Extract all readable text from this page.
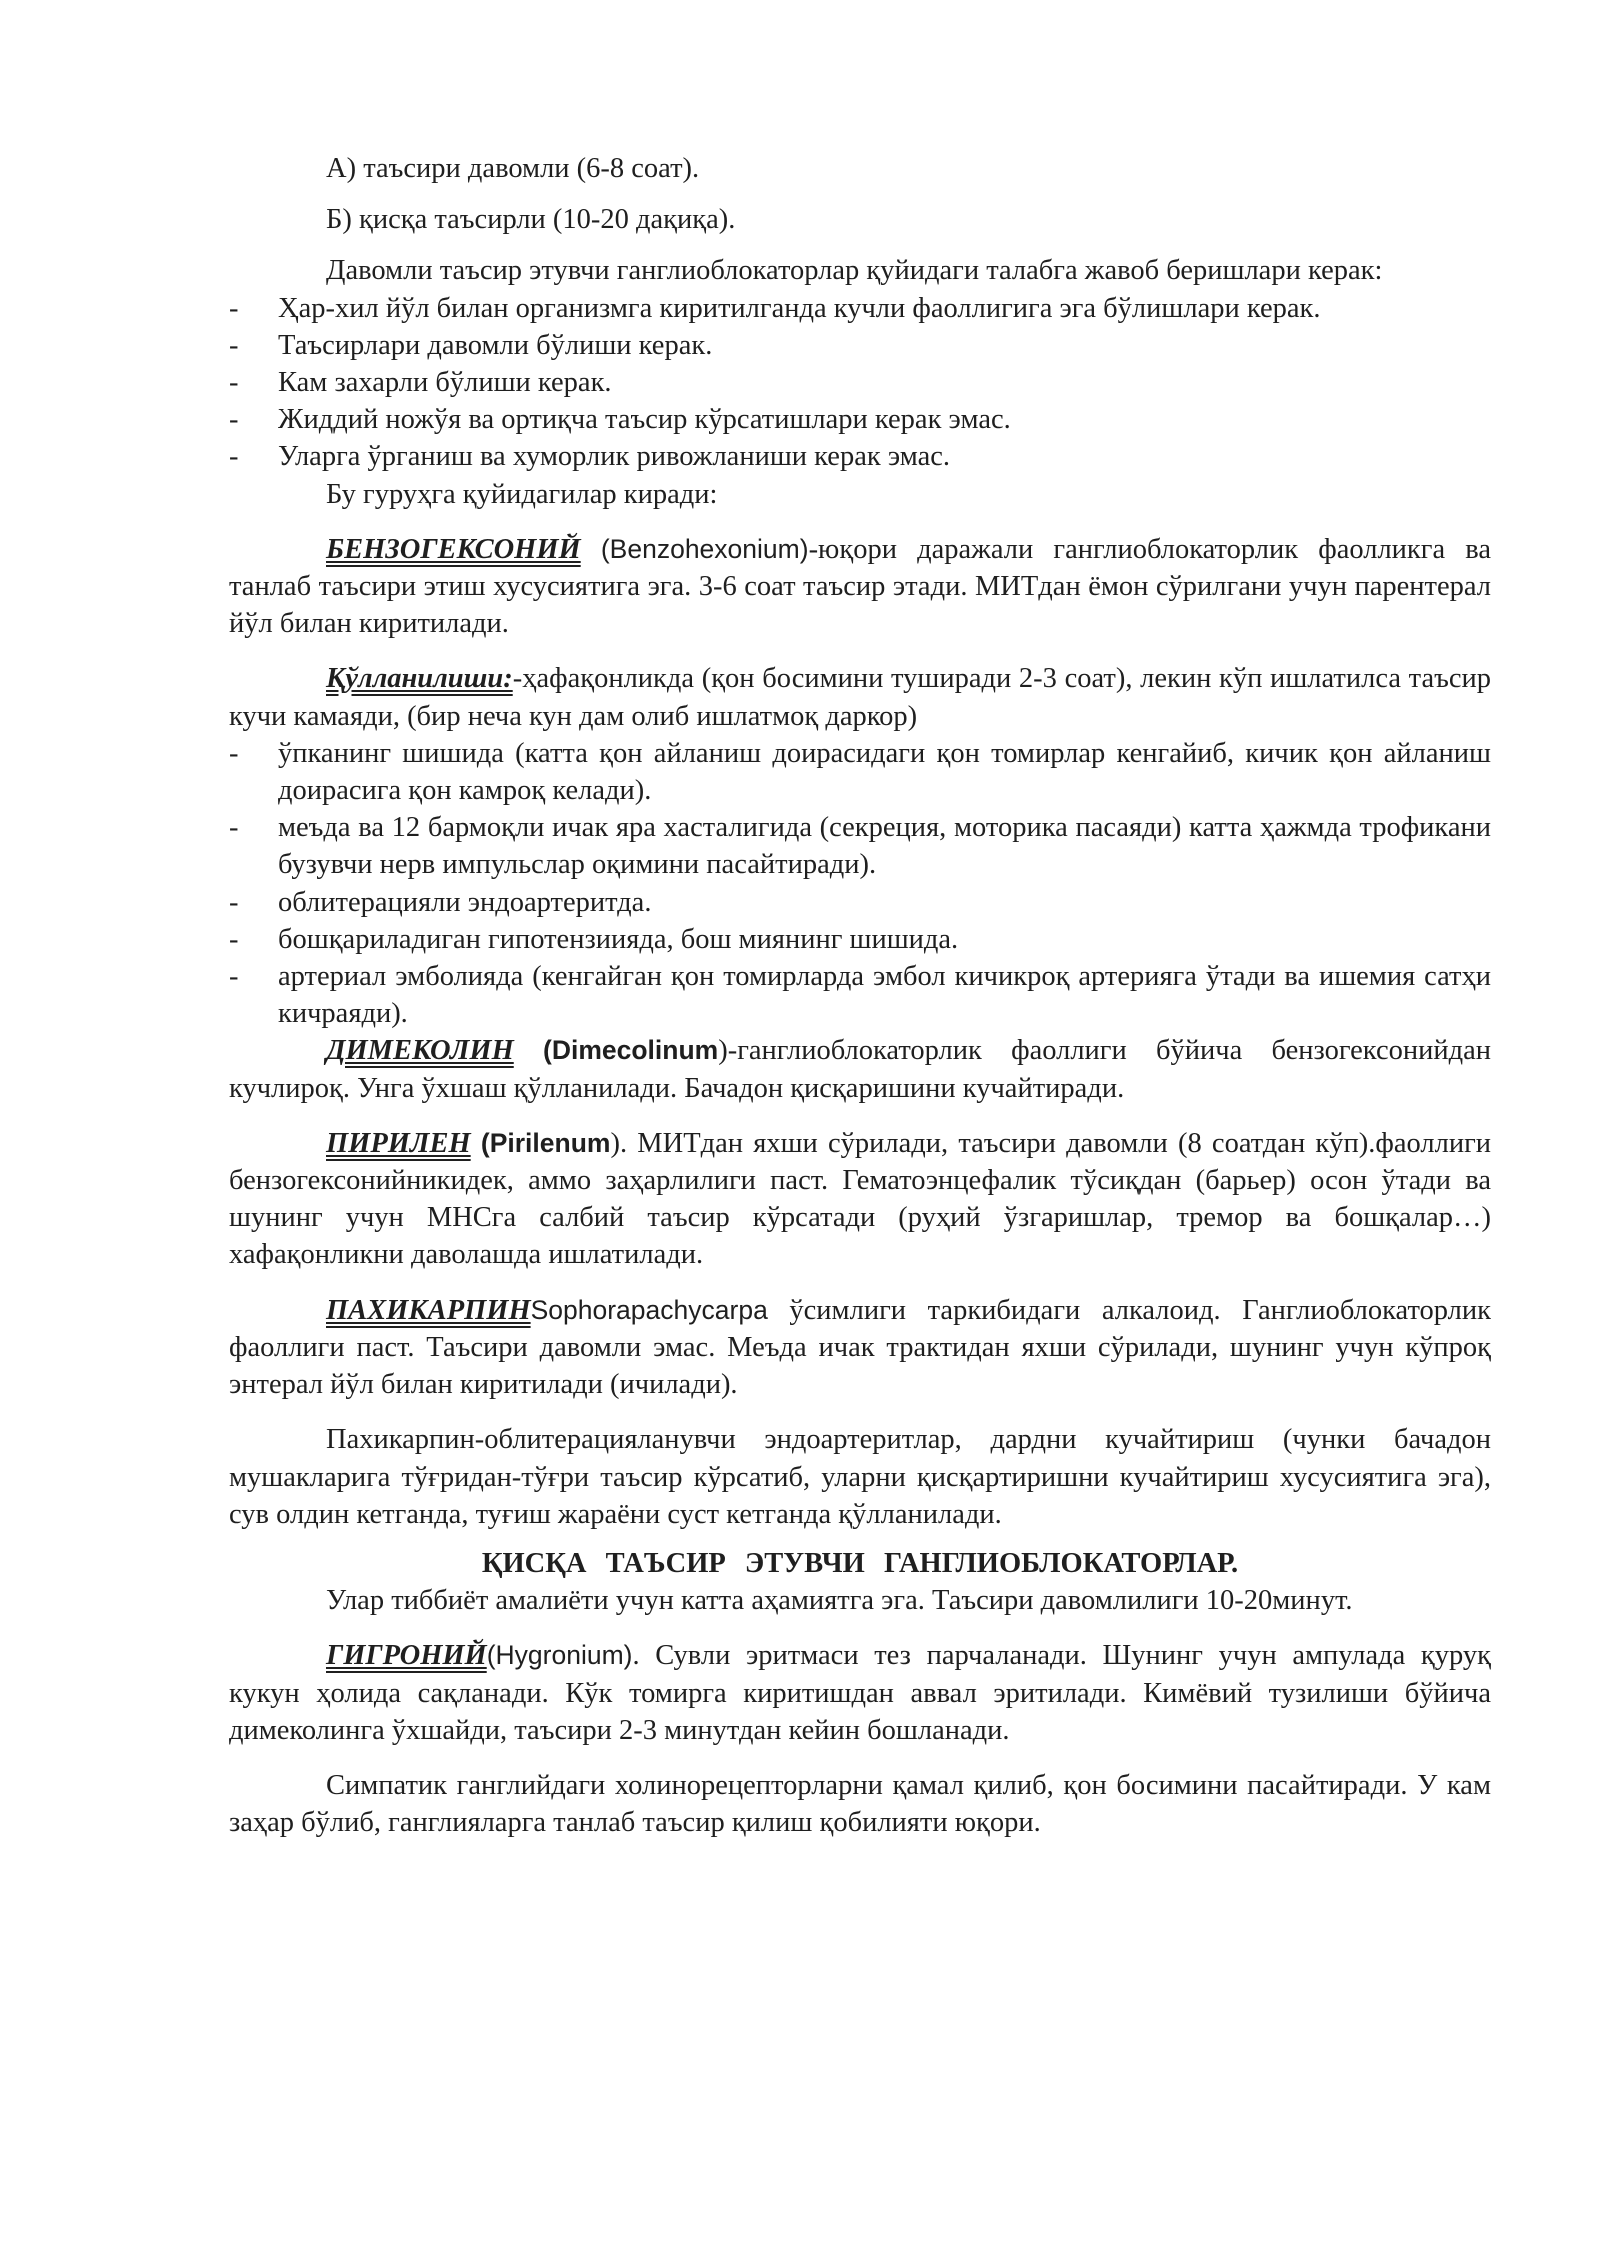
А) таъсири давомли (6-8 соат).

Б) қисқа таъсирли (10-20 дақиқа).

Давомли таъсир этувчи ганглиоблокаторлар қуйидаги талабга жавоб беришлари керак:

- Ҳар-хил йўл билан организмга киритилганда кучли фаоллигига эга бўлишлари керак.
- Таъсирлари давомли бўлиши керак.
- Кам захарли бўлиши керак.
- Жиддий ножўя ва ортиқча таъсир кўрсатишлари керак эмас.
- Уларга ўрганиш ва хуморлик ривожланиши керак эмас.

Бу гуруҳга қуйидагилар киради:

БЕНЗОГЕКСОНИЙ (Benzohexonium)-юқори даражали ганглиоблокаторлик фаолликга ва танлаб таъсири этиш хусусиятига эга. 3-6 соат таъсир этади. МИТдан ёмон сўрилгани учун парентерал йўл билан киритилади.

Қўлланилиши:-ҳафақонликда (қон босимини туширади 2-3 соат), лекин кўп ишлатилса таъсир кучи камаяди, (бир неча кун дам олиб ишлатмоқ даркор)

- ўпканинг шишида (катта қон айланиш доирасидаги қон томирлар кенгайиб, кичик қон айланиш доирасига қон камроқ келади).
- меъда ва 12 бармоқли ичак яра хасталигида (секреция, моторика пасаяди) катта ҳажмда трофикани бузувчи нерв импульслар оқимини пасайтиради).
- облитерацияли эндоартеритда.
- бошқариладиган гипотензиияда, бош миянинг шишида.
- артериал эмболияда (кенгайган қон томирларда эмбол кичикроқ артерияга ўтади ва ишемия сатҳи кичраяди).

ДИМЕКОЛИН (Dimecolinum)-ганглиоблокаторлик фаоллиги бўйича бензогексонийдан кучлироқ. Унга ўхшаш қўлланилади. Бачадон қисқаришини кучайтиради.

ПИРИЛЕН (Pirilenum). МИТдан яхши сўрилади, таъсири давомли (8 соатдан кўп).фаоллиги бензогексонийникидек, аммо заҳарлилиги паст. Гематоэнцефалик тўсиқдан (барьер) осон ўтади ва шунинг учун МНСга салбий таъсир кўрсатади (руҳий ўзгаришлар, тремор ва бошқалар…) хафақонликни даволашда ишлатилади.

ПАХИКАРПИНSophorapachycarpa ўсимлиги таркибидаги алкалоид. Ганглиоблокаторлик фаоллиги паст. Таъсири давомли эмас. Меъда ичак трактидан яхши сўрилади, шунинг учун кўпроқ энтерал йўл билан киритилади (ичилади).

Пахикарпин-облитерацияланувчи эндоартеритлар, дардни кучайтириш (чунки бачадон мушакларига тўғридан-тўғри таъсир кўрсатиб, уларни қисқартиришни кучайтириш хусусиятига эга), сув олдин кетганда, туғиш жараёни суст кетганда қўлланилади.

ҚИСҚА ТАЪСИР ЭТУВЧИ ГАНГЛИОБЛОКАТОРЛАР.

Улар тиббиёт амалиёти учун катта аҳамиятга эга. Таъсири давомлилиги 10-20минут.

ГИГРОНИЙ(Hygronium). Сувли эритмаси тез парчаланади. Шунинг учун ампулада қуруқ кукун ҳолида сақланади. Кўк томирга киритишдан аввал эритилади. Кимёвий тузилиши бўйича димеколинга ўхшайди, таъсири 2-3 минутдан кейин бошланади.

Симпатик ганглийдаги холинорецепторларни қамал қилиб, қон босимини пасайтиради. У кам заҳар бўлиб, ганглияларга танлаб таъсир қилиш қобилияти юқори.
